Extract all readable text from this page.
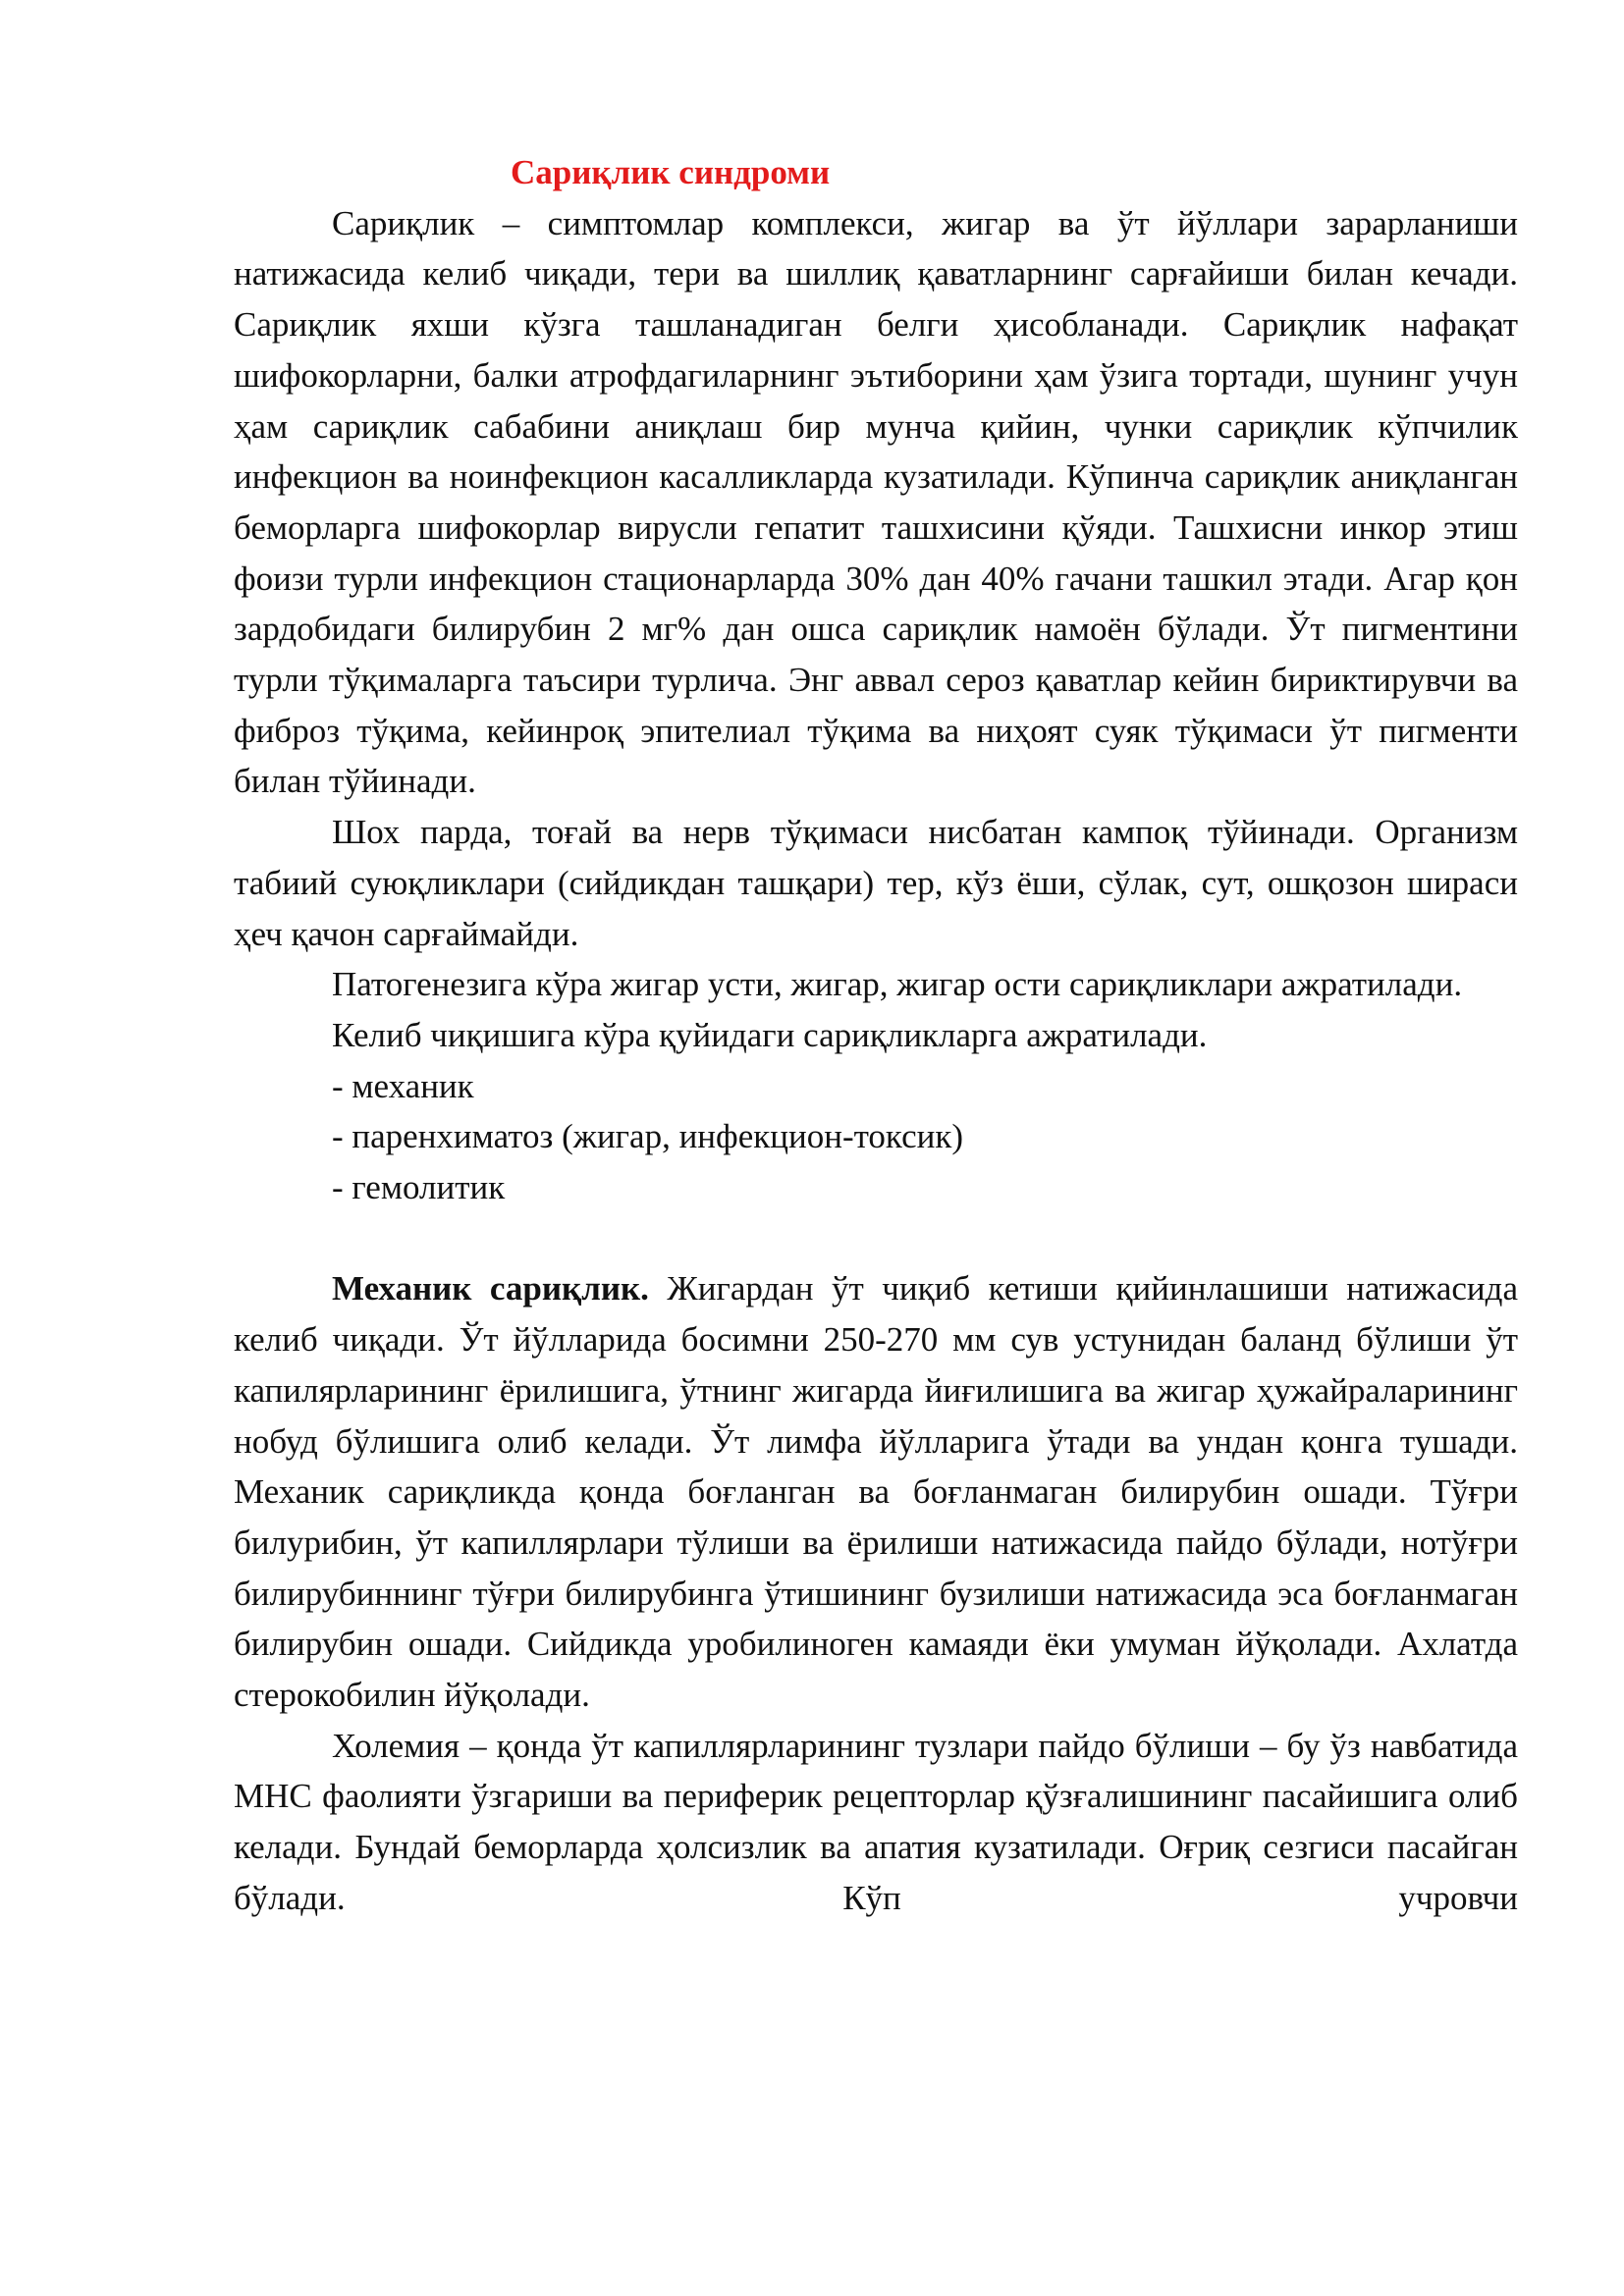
Сариқлик синдроми

Сариқлик – симптомлар комплекси, жигар ва ўт йўллари зарарланиши натижасида келиб чиқади, тери ва шиллиқ қаватларнинг сарғайиши билан кечади. Сариқлик яхши кўзга ташланадиган белги ҳисобланади. Сариқлик нафақат шифокорларни, балки атрофдагиларнинг эътиборини ҳам ўзига тортади, шунинг учун ҳам сариқлик сабабини аниқлаш бир мунча қийин, чунки сариқлик кўпчилик инфекцион ва ноинфекцион касалликларда кузатилади. Кўпинча сариқлик аниқланган беморларга шифокорлар вирусли гепатит ташхисини қўяди. Ташхисни инкор этиш фоизи турли инфекцион стационарларда 30% дан 40% гачани ташкил этади. Агар қон зардобидаги билирубин 2 мг% дан ошса сариқлик намоён бўлади. Ўт пигментини турли тўқималарга таъсири турлича. Энг аввал сероз қаватлар кейин бириктирувчи ва фиброз тўқима, кейинроқ эпителиал тўқима ва ниҳоят суяк тўқимаси ўт пигменти билан тўйинади.

Шох парда, тоғай ва нерв тўқимаси нисбатан кампоқ тўйинади. Организм табиий суюқликлари (сийдикдан ташқари) тер, кўз ёши, сўлак, сут, ошқозон шираси ҳеч қачон сарғаймайди.

Патогенезига кўра жигар усти, жигар, жигар ости сариқликлари ажратилади.

Келиб чиқишига кўра қуйидаги сариқликларга ажратилади.

- механик

- паренхиматоз (жигар, инфекцион-токсик)

- гемолитик

Механик сариқлик. Жигардан ўт чиқиб кетиши қийинлашиши натижасида келиб чиқади. Ўт йўлларида босимни 250-270 мм сув устунидан баланд бўлиши ўт капилярларининг ёрилишига, ўтнинг жигарда йиғилишига ва жигар ҳужайраларининг нобуд бўлишига олиб келади. Ўт лимфа йўлларига ўтади ва ундан қонга тушади. Механик сариқликда қонда боғланган ва боғланмаган билирубин ошади. Тўғри билурибин, ўт капиллярлари тўлиши ва ёрилиши натижасида пайдо бўлади, нотўғри билирубиннинг тўғри билирубинга ўтишининг бузилиши натижасида эса боғланмаган билирубин ошади. Сийдикда уробилиноген камаяди ёки умуман йўқолади. Ахлатда стерокобилин йўқолади.

Холемия – қонда ўт капиллярларининг тузлари пайдо бўлиши – бу ўз навбатида МНС фаолияти ўзгариши ва периферик рецепторлар қўзғалишининг пасайишига олиб келади. Бундай беморларда ҳолсизлик ва апатия кузатилади. Оғриқ сезгиси пасайган бўлади. Кўп учровчи
